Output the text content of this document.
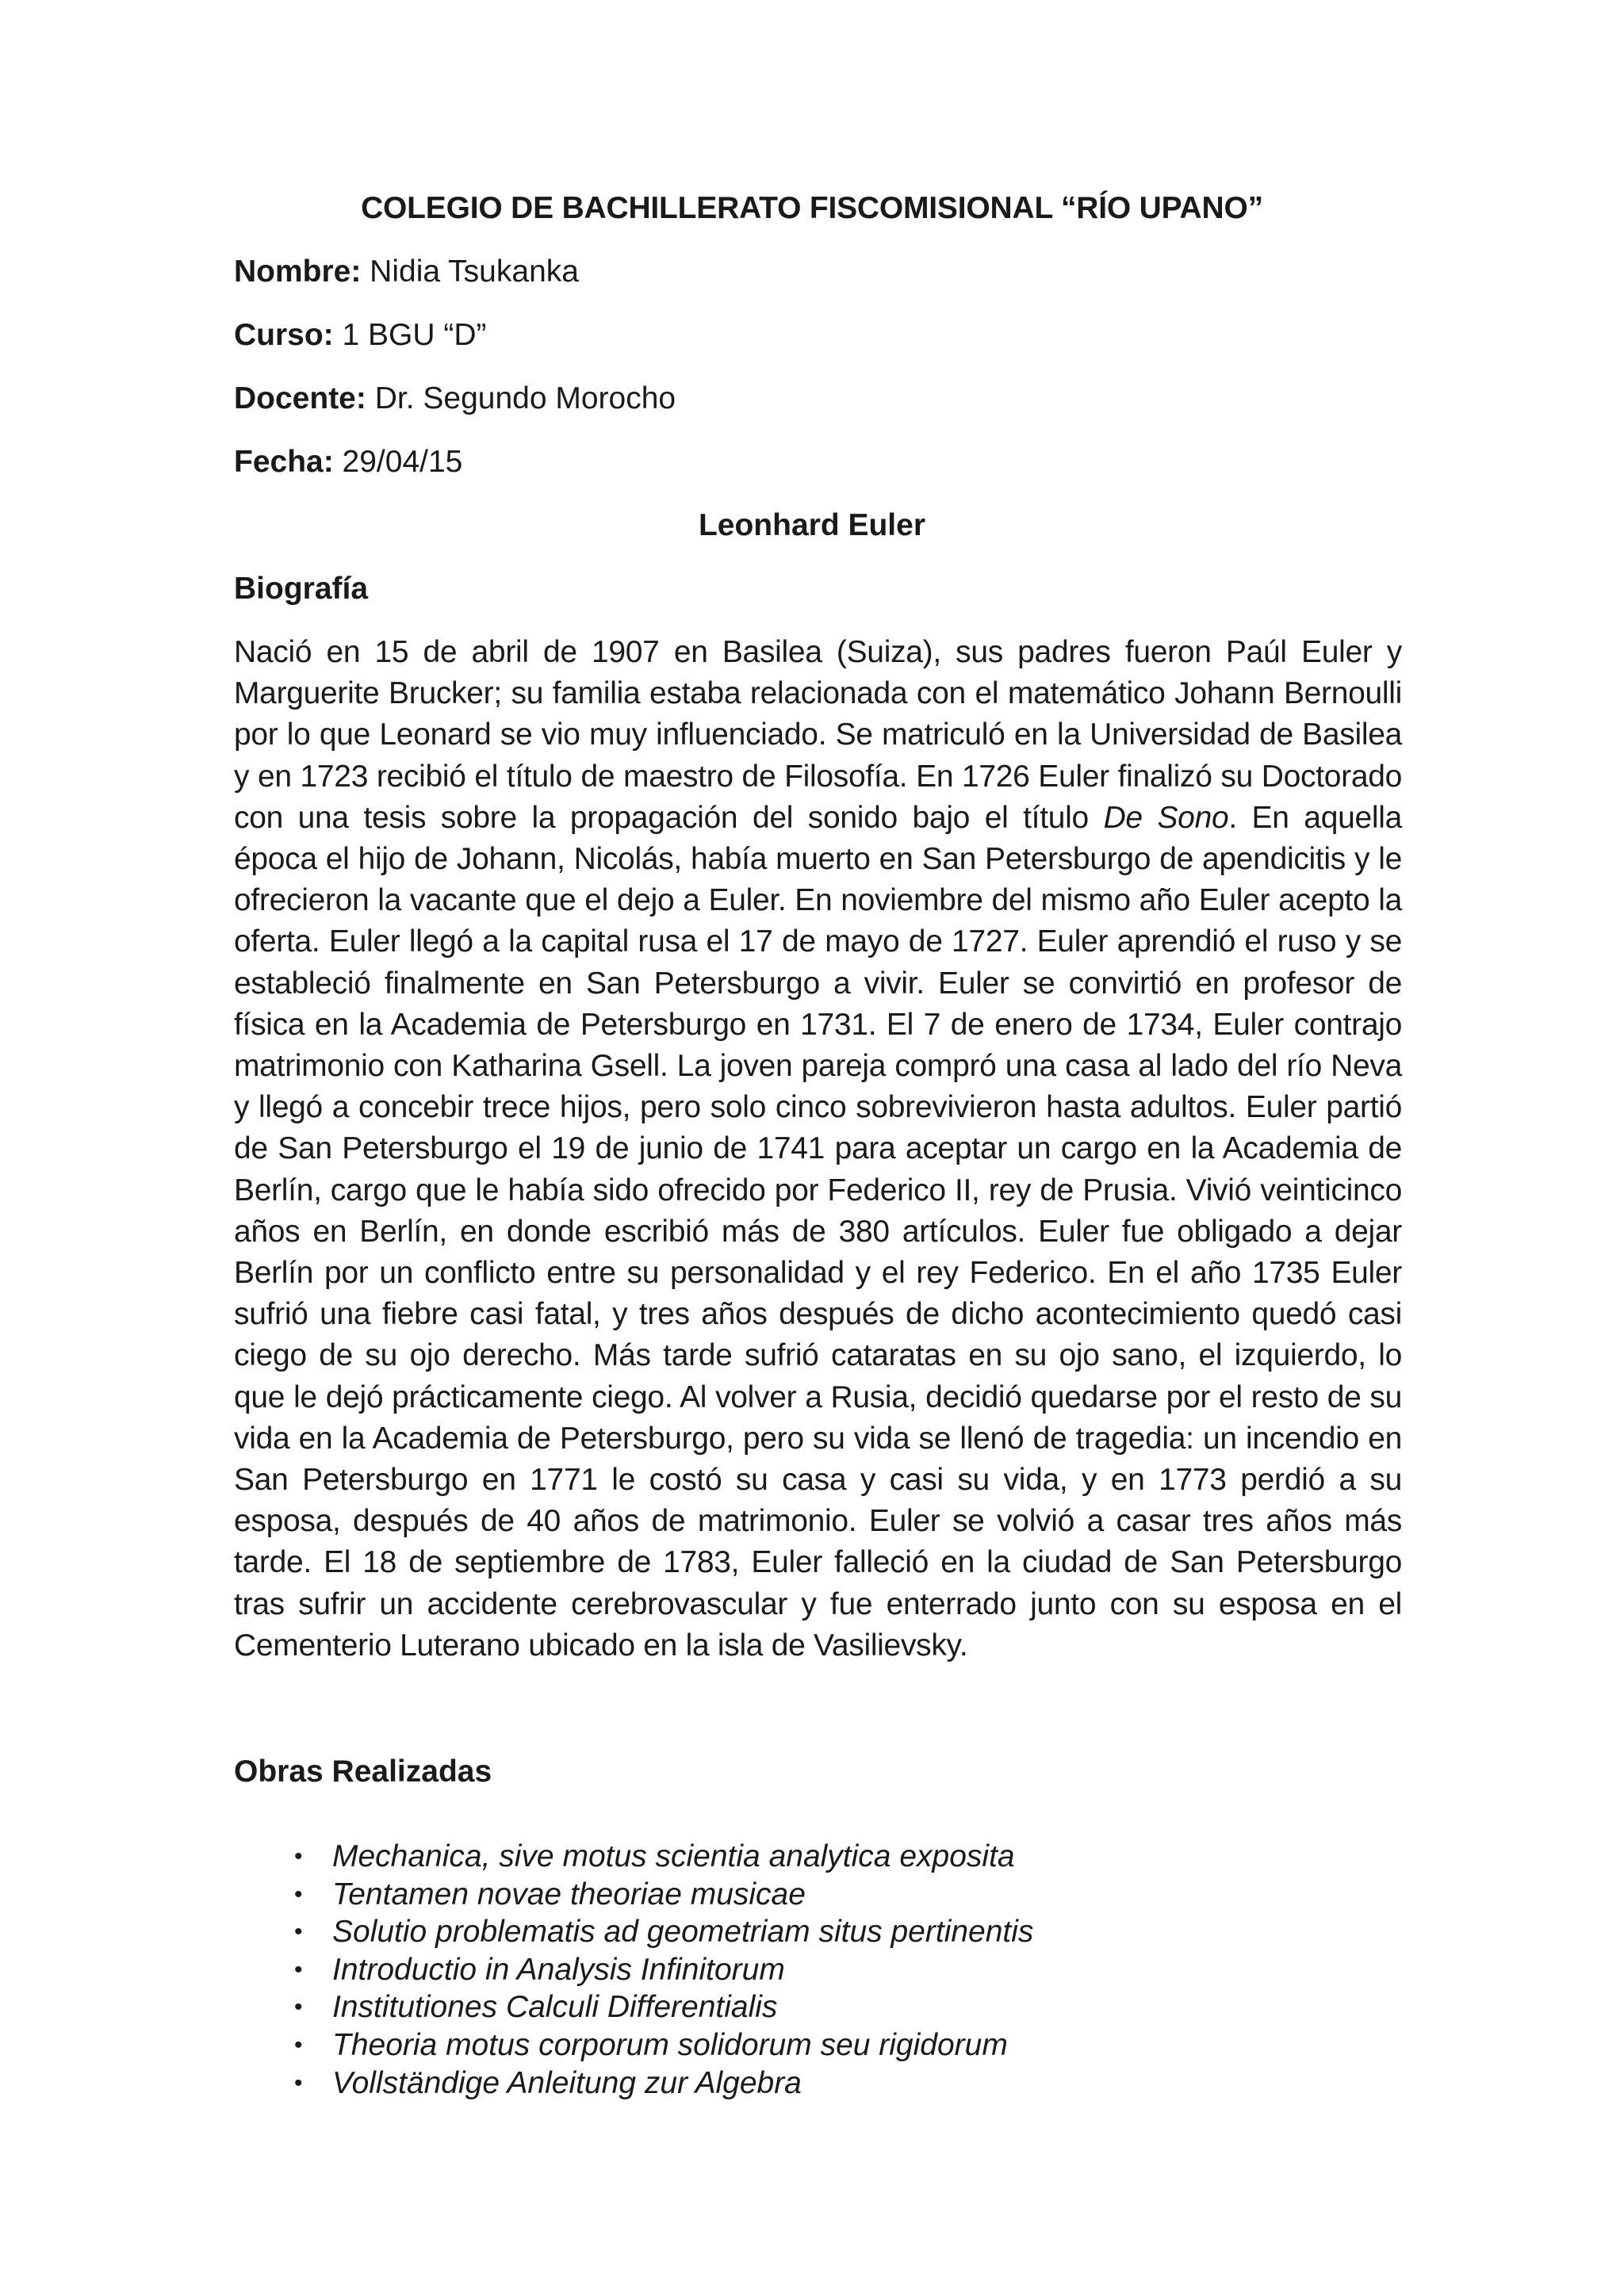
COLEGIO DE BACHILLERATO FISCOMISIONAL “RÍO UPANO”

Nombre: Nidia Tsukanka

Curso: 1 BGU “D”

Docente: Dr. Segundo Morocho

Fecha: 29/04/15

Leonhard Euler
Biografía

Nació en 15 de abril de 1907 en Basilea (Suiza), sus padres fueron Paúl Euler y Marguerite Brucker; su familia estaba relacionada con el matemático Johann Bernoulli por lo que Leonard se vio muy influenciado. Se matriculó en la Universidad de Basilea y en 1723 recibió el título de maestro de Filosofía. En 1726 Euler finalizó su Doctorado con una tesis sobre la propagación del sonido bajo el título De Sono. En aquella época el hijo de Johann, Nicolás, había muerto en San Petersburgo de apendicitis y le ofrecieron la vacante que el dejo a Euler. En noviembre del mismo año Euler acepto la oferta. Euler llegó a la capital rusa el 17 de mayo de 1727. Euler aprendió el ruso y se estableció finalmente en San Petersburgo a vivir. Euler se convirtió en profesor de física en la Academia de Petersburgo en 1731. El 7 de enero de 1734, Euler contrajo matrimonio con Katharina Gsell. La joven pareja compró una casa al lado del río Neva y llegó a concebir trece hijos, pero solo cinco sobrevivieron hasta adultos. Euler partió de San Petersburgo el 19 de junio de 1741 para aceptar un cargo en la Academia de Berlín, cargo que le había sido ofrecido por Federico II, rey de Prusia. Vivió veinticinco años en Berlín, en donde escribió más de 380 artículos. Euler fue obligado a dejar Berlín por un conflicto entre su personalidad y el rey Federico. En el año 1735 Euler sufrió una fiebre casi fatal, y tres años después de dicho acontecimiento quedó casi ciego de su ojo derecho. Más tarde sufrió cataratas en su ojo sano, el izquierdo, lo que le dejó prácticamente ciego. Al volver a Rusia, decidió quedarse por el resto de su vida en la Academia de Petersburgo, pero su vida se llenó de tragedia: un incendio en San Petersburgo en 1771 le costó su casa y casi su vida, y en 1773 perdió a su esposa, después de 40 años de matrimonio. Euler se volvió a casar tres años más tarde. El 18 de septiembre de 1783, Euler falleció en la ciudad de San Petersburgo tras sufrir un accidente cerebrovascular y fue enterrado junto con su esposa en el Cementerio Luterano ubicado en la isla de Vasilievsky.

Obras Realizadas
• Mechanica, sive motus scientia analytica exposita
• Tentamen novae theoriae musicae
• Solutio problematis ad geometriam situs pertinentis
• Introductio in Analysis Infinitorum
• Institutiones Calculi Differentialis
• Theoria motus corporum solidorum seu rigidorum
• Vollständige Anleitung zur Algebra
